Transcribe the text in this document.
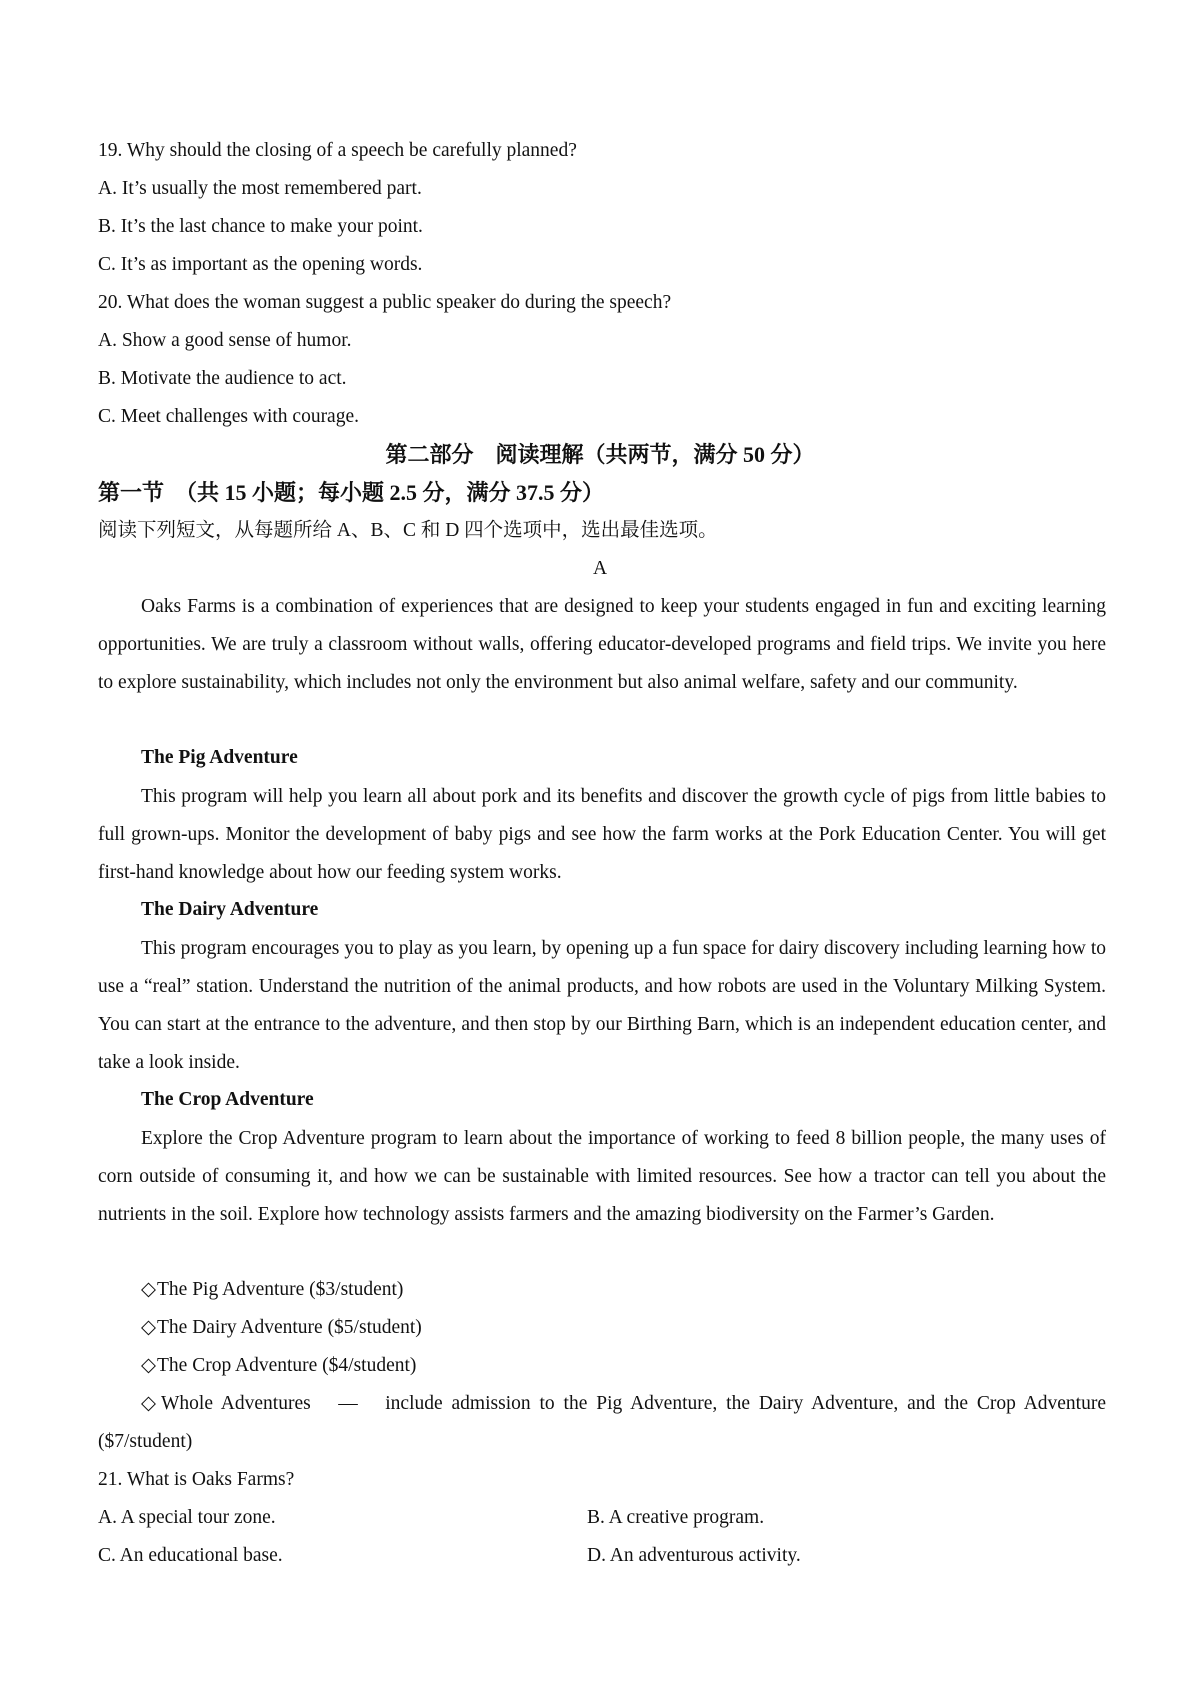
19. Why should the closing of a speech be carefully planned?
A. It’s usually the most remembered part.
B. It’s the last chance to make your point.
C. It’s as important as the opening words.
20. What does the woman suggest a public speaker do during the speech?
A. Show a good sense of humor.
B. Motivate the audience to act.
C. Meet challenges with courage.
第二部分　阅读理解（共两节，满分 50 分）
第一节　（共 15 小题；每小题 2.5 分，满分 37.5 分）
阅读下列短文，从每题所给 A、B、C 和 D 四个选项中，选出最佳选项。
A
Oaks Farms is a combination of experiences that are designed to keep your students engaged in fun and exciting learning opportunities. We are truly a classroom without walls, offering educator-developed programs and field trips. We invite you here to explore sustainability, which includes not only the environment but also animal welfare, safety and our community.
The Pig Adventure
This program will help you learn all about pork and its benefits and discover the growth cycle of pigs from little babies to full grown-ups. Monitor the development of baby pigs and see how the farm works at the Pork Education Center. You will get first-hand knowledge about how our feeding system works.
The Dairy Adventure
This program encourages you to play as you learn, by opening up a fun space for dairy discovery including learning how to use a “real” station. Understand the nutrition of the animal products, and how robots are used in the Voluntary Milking System. You can start at the entrance to the adventure, and then stop by our Birthing Barn, which is an independent education center, and take a look inside.
The Crop Adventure
Explore the Crop Adventure program to learn about the importance of working to feed 8 billion people, the many uses of corn outside of consuming it, and how we can be sustainable with limited resources. See how a tractor can tell you about the nutrients in the soil. Explore how technology assists farmers and the amazing biodiversity on the Farmer’s Garden.
◇The Pig Adventure ($3/student)
◇The Dairy Adventure ($5/student)
◇The Crop Adventure ($4/student)
◇Whole Adventures　—　include admission to the Pig Adventure, the Dairy Adventure, and the Crop Adventure ($7/student)
21. What is Oaks Farms?
A. A special tour zone.	B. A creative program.
C. An educational base.	D. An adventurous activity.
